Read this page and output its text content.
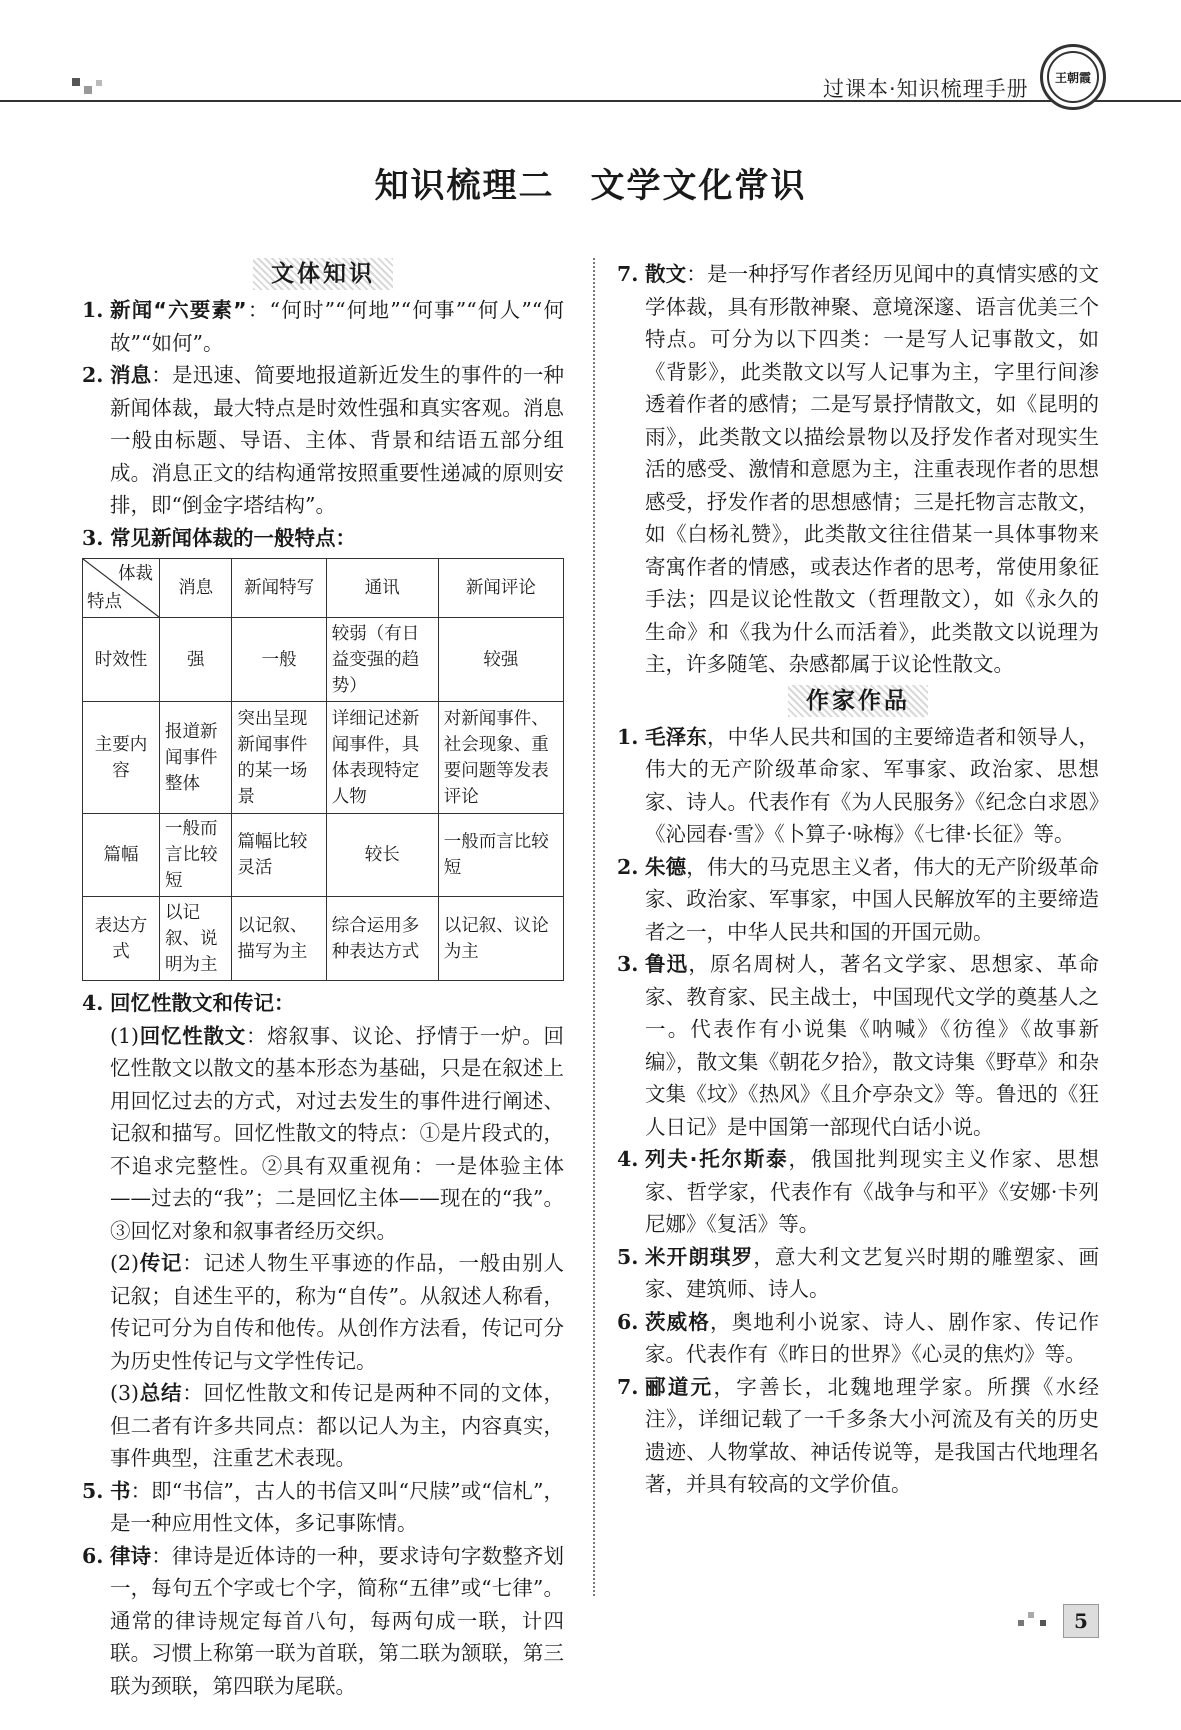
过课本·知识梳理手册	王朝霞
知识梳理二　文学文化常识
文体知识
1. 新闻“六要素”：“何时”“何地”“何事”“何人”“何故”“如何”。
2. 消息：是迅速、简要地报道新近发生的事件的一种新闻体裁，最大特点是时效性强和真实客观。消息一般由标题、导语、主体、背景和结语五部分组成。消息正文的结构通常按照重要性递减的原则安排，即“倒金字塔结构”。
3. 常见新闻体裁的一般特点：
体裁
特点	消息	新闻特写	通讯	新闻评论
时效性	强	一般	较弱（有日益变强的趋势）	较强
主要内容	报道新闻事件整体	突出呈现新闻事件的某一场景	详细记述新闻事件，具体表现特定人物	对新闻事件、社会现象、重要问题等发表评论
篇幅	一般而言比较短	篇幅比较灵活	较长	一般而言比较短
表达方式	以记叙、说明为主	以记叙、描写为主	综合运用多种表达方式	以记叙、议论为主
4. 回忆性散文和传记：
(1)回忆性散文：熔叙事、议论、抒情于一炉。回忆性散文以散文的基本形态为基础，只是在叙述上用回忆过去的方式，对过去发生的事件进行阐述、记叙和描写。回忆性散文的特点：①是片段式的，不追求完整性。②具有双重视角：一是体验主体——过去的“我”；二是回忆主体——现在的“我”。③回忆对象和叙事者经历交织。
(2)传记：记述人物生平事迹的作品，一般由别人记叙；自述生平的，称为“自传”。从叙述人称看，传记可分为自传和他传。从创作方法看，传记可分为历史性传记与文学性传记。
(3)总结：回忆性散文和传记是两种不同的文体，但二者有许多共同点：都以记人为主，内容真实，事件典型，注重艺术表现。
5. 书：即“书信”，古人的书信又叫“尺牍”或“信札”，是一种应用性文体，多记事陈情。
6. 律诗：律诗是近体诗的一种，要求诗句字数整齐划一，每句五个字或七个字，简称“五律”或“七律”。通常的律诗规定每首八句，每两句成一联，计四联。习惯上称第一联为首联，第二联为颔联，第三联为颈联，第四联为尾联。
7. 散文：是一种抒写作者经历见闻中的真情实感的文学体裁，具有形散神聚、意境深邃、语言优美三个特点。可分为以下四类：一是写人记事散文，如《背影》，此类散文以写人记事为主，字里行间渗透着作者的感情；二是写景抒情散文，如《昆明的雨》，此类散文以描绘景物以及抒发作者对现实生活的感受、激情和意愿为主，注重表现作者的思想感受，抒发作者的思想感情；三是托物言志散文，如《白杨礼赞》，此类散文往往借某一具体事物来寄寓作者的情感，或表达作者的思考，常使用象征手法；四是议论性散文（哲理散文），如《永久的生命》和《我为什么而活着》，此类散文以说理为主，许多随笔、杂感都属于议论性散文。
作家作品
1. 毛泽东，中华人民共和国的主要缔造者和领导人，伟大的无产阶级革命家、军事家、政治家、思想家、诗人。代表作有《为人民服务》《纪念白求恩》《沁园春·雪》《卜算子·咏梅》《七律·长征》等。
2. 朱德，伟大的马克思主义者，伟大的无产阶级革命家、政治家、军事家，中国人民解放军的主要缔造者之一，中华人民共和国的开国元勋。
3. 鲁迅，原名周树人，著名文学家、思想家、革命家、教育家、民主战士，中国现代文学的奠基人之一。代表作有小说集《呐喊》《彷徨》《故事新编》，散文集《朝花夕拾》，散文诗集《野草》和杂文集《坟》《热风》《且介亭杂文》等。鲁迅的《狂人日记》是中国第一部现代白话小说。
4. 列夫·托尔斯泰，俄国批判现实主义作家、思想家、哲学家，代表作有《战争与和平》《安娜·卡列尼娜》《复活》等。
5. 米开朗琪罗，意大利文艺复兴时期的雕塑家、画家、建筑师、诗人。
6. 茨威格，奥地利小说家、诗人、剧作家、传记作家。代表作有《昨日的世界》《心灵的焦灼》等。
7. 郦道元，字善长，北魏地理学家。所撰《水经注》，详细记载了一千多条大小河流及有关的历史遗迹、人物掌故、神话传说等，是我国古代地理名著，并具有较高的文学价值。
5
